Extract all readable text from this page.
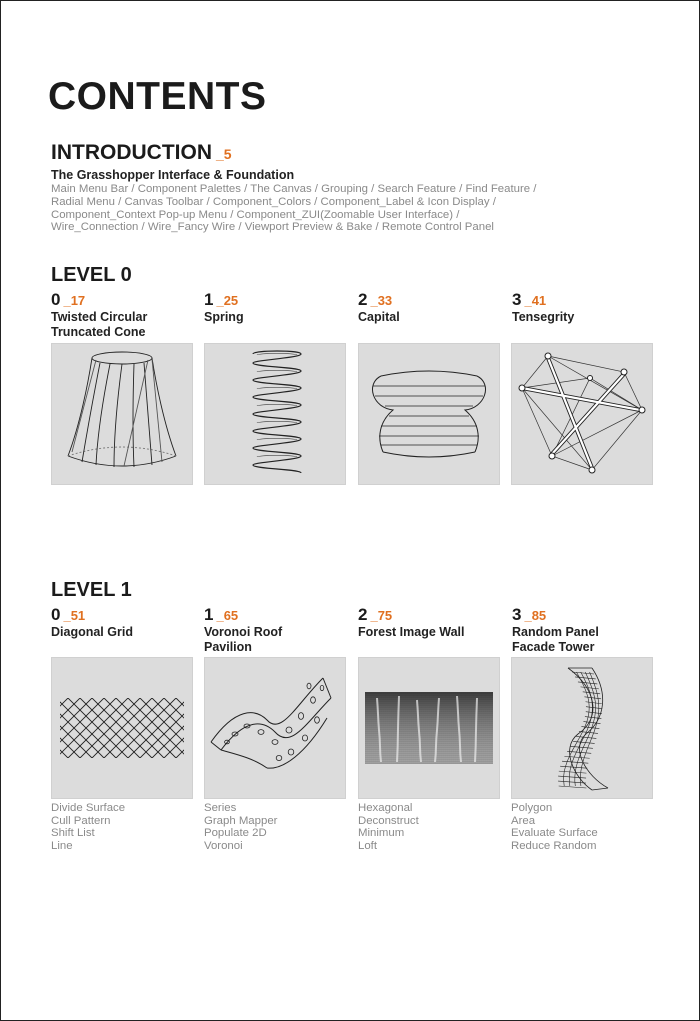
CONTENTS
INTRODUCTION _5
The Grasshopper Interface & Foundation
Main Menu Bar / Component Palettes / The Canvas / Grouping / Search Feature / Find Feature /
Radial Menu / Canvas Toolbar / Component_Colors / Component_Label & Icon Display /
Component_Context Pop-up Menu / Component_ZUI(Zoomable User Interface) /
Wire_Connection / Wire_Fancy Wire / Viewport Preview & Bake / Remote Control Panel
LEVEL 0
0 _17
Twisted Circular
Truncated Cone
1 _25
Spring
2 _33
Capital
3 _41
Tensegrity
LEVEL 1
0 _51
Diagonal Grid
1 _65
Voronoi Roof
Pavilion
2 _75
Forest Image Wall
3 _85
Random Panel
Facade Tower
Divide Surface
Cull Pattern
Shift List
Line
Series
Graph Mapper
Populate 2D
Voronoi
Hexagonal
Deconstruct
Minimum
Loft
Polygon
Area
Evaluate Surface
Reduce Random
